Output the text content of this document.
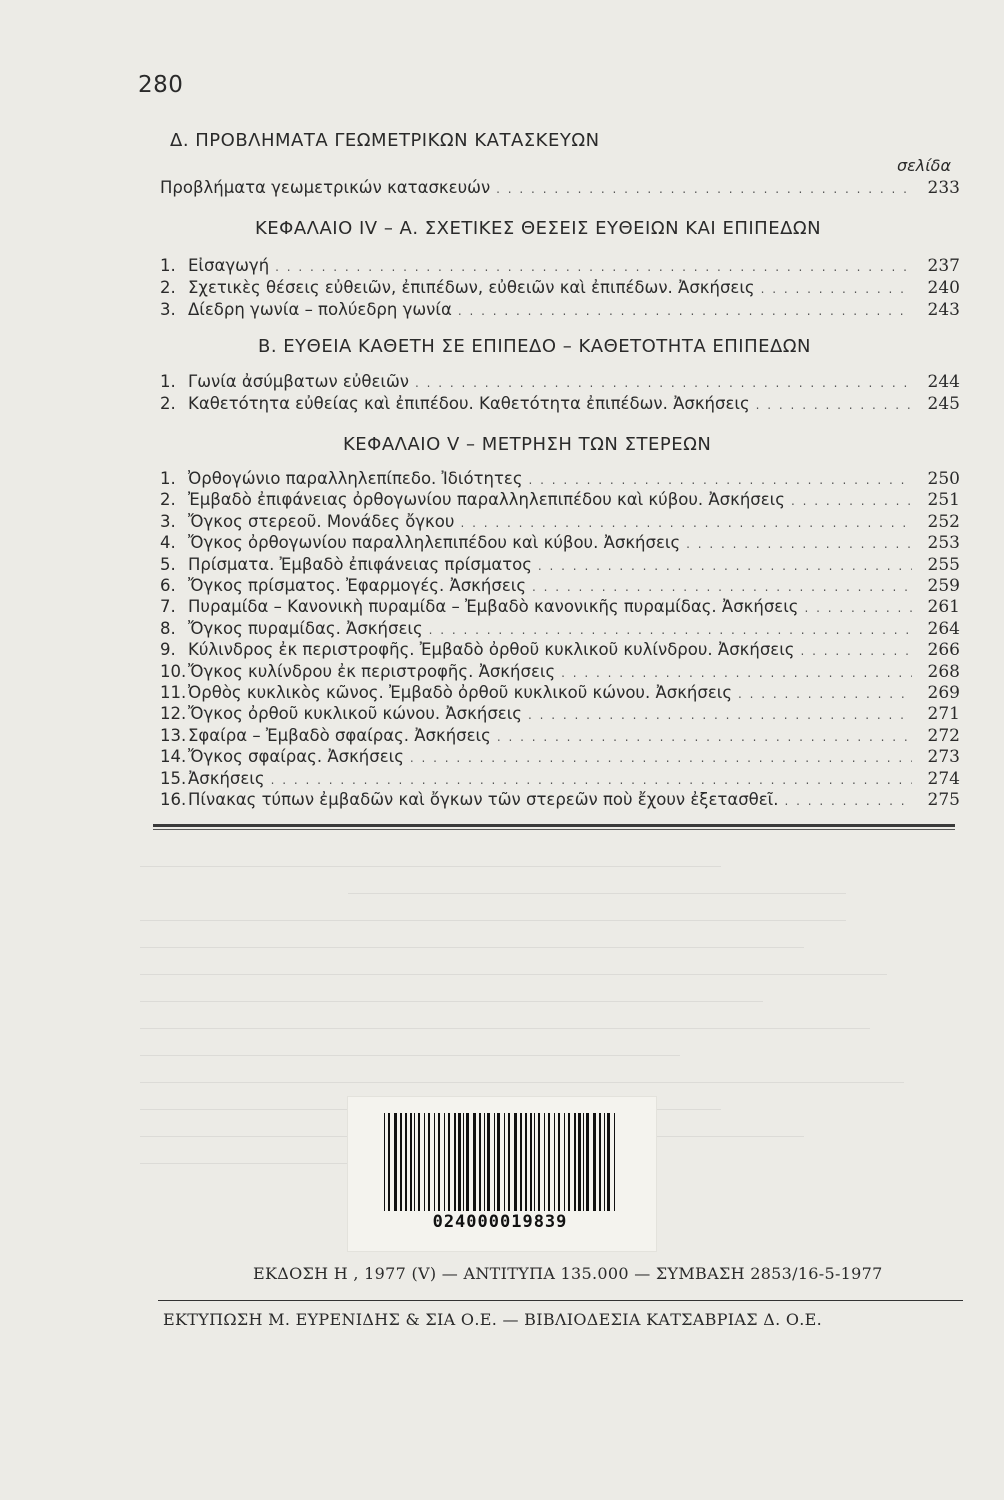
280
Δ. ΠΡΟΒΛΗΜΑΤΑ ΓΕΩΜΕΤΡΙΚΩΝ ΚΑΤΑΣΚΕΥΩΝ
σελίδα
Προβλήματα γεωμετρικών κατασκευών . . .	233
ΚΕΦΑΛΑΙΟ IV – Α. ΣΧΕΤΙΚΕΣ ΘΕΣΕΙΣ ΕΥΘΕΙΩΝ ΚΑΙ ΕΠΙΠΕΔΩΝ
1. Εἰσαγωγή . . .	237
2. Σχετικὲς θέσεις εὐθειῶν, ἐπιπέδων, εὐθειῶν καὶ ἐπιπέδων. Ἀσκήσεις . . .	240
3. Δίεδρη γωνία – πολύεδρη γωνία . . .	243
Β. ΕΥΘΕΙΑ ΚΑΘΕΤΗ ΣΕ ΕΠΙΠΕΔΟ – ΚΑΘΕΤΟΤΗΤΑ ΕΠΙΠΕΔΩΝ
1. Γωνία ἀσύμβατων εὐθειῶν . . .	244
2. Καθετότητα εὐθείας καὶ ἐπιπέδου. Καθετότητα ἐπιπέδων. Ἀσκήσεις . . .	245
ΚΕΦΑΛΑΙΟ V – ΜΕΤΡΗΣΗ ΤΩΝ ΣΤΕΡΕΩΝ
1. Ὀρθογώνιο παραλληλεπίπεδο. Ἰδιότητες . . .	250
2. Ἐμβαδὸ ἐπιφάνειας ὀρθογωνίου παραλληλεπιπέδου καὶ κύβου. Ἀσκήσεις . . .	251
3. Ὄγκος στερεοῦ. Μονάδες ὄγκου . . .	252
4. Ὄγκος ὀρθογωνίου παραλληλεπιπέδου καὶ κύβου. Ἀσκήσεις . . .	253
5. Πρίσματα. Ἐμβαδὸ ἐπιφάνειας πρίσματος . . .	255
6. Ὄγκος πρίσματος. Ἐφαρμογές. Ἀσκήσεις . . .	259
7. Πυραμίδα – Κανονικὴ πυραμίδα – Ἐμβαδὸ κανονικῆς πυραμίδας. Ἀσκήσεις . . .	261
8. Ὄγκος πυραμίδας. Ἀσκήσεις . . .	264
9. Κύλινδρος ἐκ περιστροφῆς. Ἐμβαδὸ ὀρθοῦ κυκλικοῦ κυλίνδρου. Ἀσκήσεις . . .	266
10. Ὄγκος κυλίνδρου ἐκ περιστροφῆς. Ἀσκήσεις . . .	268
11. Ὀρθὸς κυκλικὸς κῶνος. Ἐμβαδὸ ὀρθοῦ κυκλικοῦ κώνου. Ἀσκήσεις . . .	269
12. Ὄγκος ὀρθοῦ κυκλικοῦ κώνου. Ἀσκήσεις . . .	271
13. Σφαίρα – Ἐμβαδὸ σφαίρας. Ἀσκήσεις . . .	272
14. Ὄγκος σφαίρας. Ἀσκήσεις . . .	273
15. Ἀσκήσεις . . .	274
16. Πίνακας τύπων ἐμβαδῶν καὶ ὄγκων τῶν στερεῶν ποὺ ἔχουν ἐξετασθεῖ. . . .	275
024000019839
ΕΚΔΟΣΗ Η , 1977 (V) — ΑΝΤΙΤΥΠΑ 135.000 — ΣΥΜΒΑΣΗ 2853/16-5-1977
ΕΚΤΥΠΩΣΗ Μ. ΕΥΡΕΝΙΔΗΣ & ΣΙΑ Ο.Ε. — ΒΙΒΛΙΟΔΕΣΙΑ ΚΑΤΣΑΒΡΙΑΣ Δ. Ο.Ε.
